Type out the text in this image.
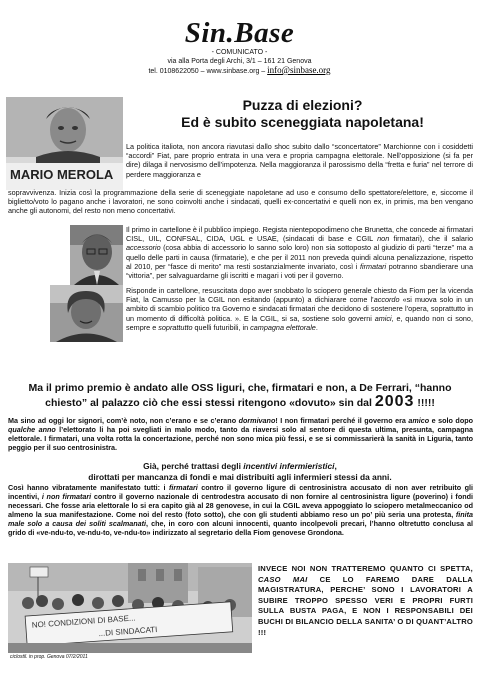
Sin.Base
- COMUNICATO -
via alla Porta degli Archi, 3/1 – 161 21 Genova
tel. 0108622050 – www.sinbase.org – info@sinbase.org
MARIO MEROLA
Puzza di elezioni?
Ed è subito sceneggiata napoletana!
La politica italiota, non ancora riavutasi dallo shoc subito dallo “sconcertatore” Marchionne con i cosiddetti “accordi” Fiat, pare proprio entrata in una vera e propria campagna elettorale. Nell’opposizione (si fa per dire) dilaga il nervosismo dell’impotenza. Nella maggioranza il parossismo della “fretta e furia” nel terrore di perdere maggioranza e
sopravvivenza. Inizia così la programmazione della serie di sceneggiate napoletane ad uso e consumo dello spettatore/elettore, e, siccome il biglietto/voto lo pagano anche i lavoratori, ne sono coinvolti anche i sindacati, quelli ex-concertativi e quelli non ex, in primis, ma ben vengano anche gli autonomi, del resto non meno concertativi.
Il primo in cartellone è il pubblico impiego. Regista nientepopodimeno che Brunetta, che concede ai firmatari CISL, UIL, CONFSAL, CIDA, UGL e USAE, (sindacati di base e CGIL non firmatari), che il salario accessorio (cosa abbia di accessorio lo sanno solo loro) non sia sottoposto al giudizio di parti “terze” ma a quello delle parti in causa (firmatarie), e che per il 2011 non preveda quindi alcuna penalizzazione, rispetto al 2010, per “fasce di merito” ma resti sostanzialmente invariato, così i firmatari potranno sbandierare una “vittoria”, per salvaguardarne gli iscritti e magari i voti per il governo.
Risponde in cartellone, resuscitata dopo aver snobbato lo sciopero generale chiesto da Fiom per la vicenda Fiat, la Camusso per la CGIL non esitando (appunto) a dichiarare come l’accordo «si muova solo in un ambito di scambio politico tra Governo e sindacati firmatari che decidono di sostenere l’opera, soprattutto in un momento di difficoltà politica. ». E la CGIL, si sa, sostiene solo governi amici, e, quando non ci sono, sempre e soprattutto quelli futuribili, in campagna elettorale.
Ma il primo premio è andato alle OSS liguri, che, firmatari e non, a De Ferrari, “hanno
chiesto” al palazzo ciò che essi stessi ritengono «dovuto» sin dal 2003 !!!!!
Ma sino ad oggi lor signori, com’è noto, non c’erano e se c’erano dormivano! I non firmatari perché il governo era amico e solo dopo qualche anno l’elettorato li ha poi svegliati in malo modo, tanto da riaversi solo al sentore di questa ultima, presunta, campagna elettorale. I firmatari, una volta rotta la concertazione, perché non sono mica più fessi, e se si commissarierà la sanità in Liguria, tanto peggio per il suo centrosinistra.
Già, perché trattasi degli incentivi infermieristici,
dirottati per mancanza di fondi e mai distribuiti agli infermieri stessi da anni.
Così hanno vibratamente manifestato tutti: i firmatari contro il governo ligure di centrosinistra accusato di non aver retribuito gli incentivi, i non firmatari contro il governo nazionale di centrodestra accusato di non fornire al centrosinistra ligure (poverino) i fondi necessari. Che fosse aria elettorale lo si era capito già al 28 genovese, in cui la CGIL aveva appoggiato lo sciopero metalmeccanico od almeno la sua manifestazione. Come noi del resto (foto sotto), che con gli studenti abbiamo reso un po’ più seria una protesta, finita male solo a causa dei soliti scalmanati, che, in coro con alcuni innocenti, quanto incolpevoli precari, l’hanno oltretutto conclusa al grido di «ve-ndu-to, ve-ndu-to, ve-ndu-to» indirizzato al segretario della Fiom genovese Grondona.
NO! CONDIZIONI DI BASE...
...DI SINDACATI
INVECE NOI NON TRATTEREMO QUANTO CI SPETTA, CASO MAI CE LO FAREMO DARE DALLA MAGISTRATURA, PERCHE’ SONO I LAVORATORI A SUBIRE TROPPO SPESSO VERI E PROPRI FURTI SULLA BUSTA PAGA, E NON I RESPONSABILI DEI BUCHI DI BILANCIO DELLA SANITA’ O DI QUANT’ALTRO !!!
ciclostil. in prop. Genova 07/2/2011
